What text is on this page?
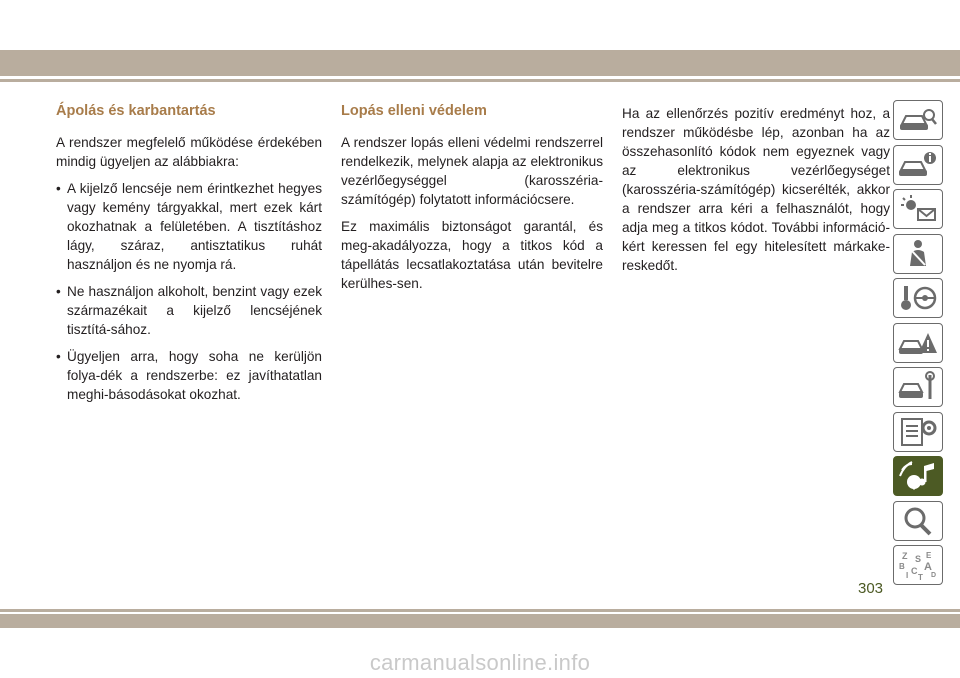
Ápolás és karbantartás

A rendszer megfelelő működése érdekében mindig ügyeljen az alábbiakra:

• A kijelző lencséje nem érintkezhet hegyes vagy kemény tárgyakkal, mert ezek kárt okozhatnak a felületében. A tisztításhoz lágy, száraz, antisztatikus ruhát használjon és ne nyomja rá.
• Ne használjon alkoholt, benzint vagy ezek származékait a kijelző lencséjének tisztítá-sához.
• Ügyeljen arra, hogy soha ne kerüljön folya-dék a rendszerbe: ez javíthatatlan meghi-básodásokat okozhat.
Lopás elleni védelem

A rendszer lopás elleni védelmi rendszerrel rendelkezik, melynek alapja az elektronikus vezérlőegységgel (karosszéria-számítógép) folytatott információcsere.

Ez maximális biztonságot garantál, és meg-akadályozza, hogy a titkos kód a tápellátás lecsatlakoztatása után bevitelre kerülhes-sen.

Ha az ellenőrzés pozitív eredményt hoz, a rendszer működésbe lép, azonban ha az összehasonlító kódok nem egyeznek vagy az elektronikus vezérlőegységet (karosszéria-számítógép) kicserélték, akkor a rendszer arra kéri a felhasználót, hogy adja meg a titkos kódot. További információ-kért keressen fel egy hitelesített márkake-reskedőt.

Z E
B
S
A
I C D
T
303
carmanualsonline.info
